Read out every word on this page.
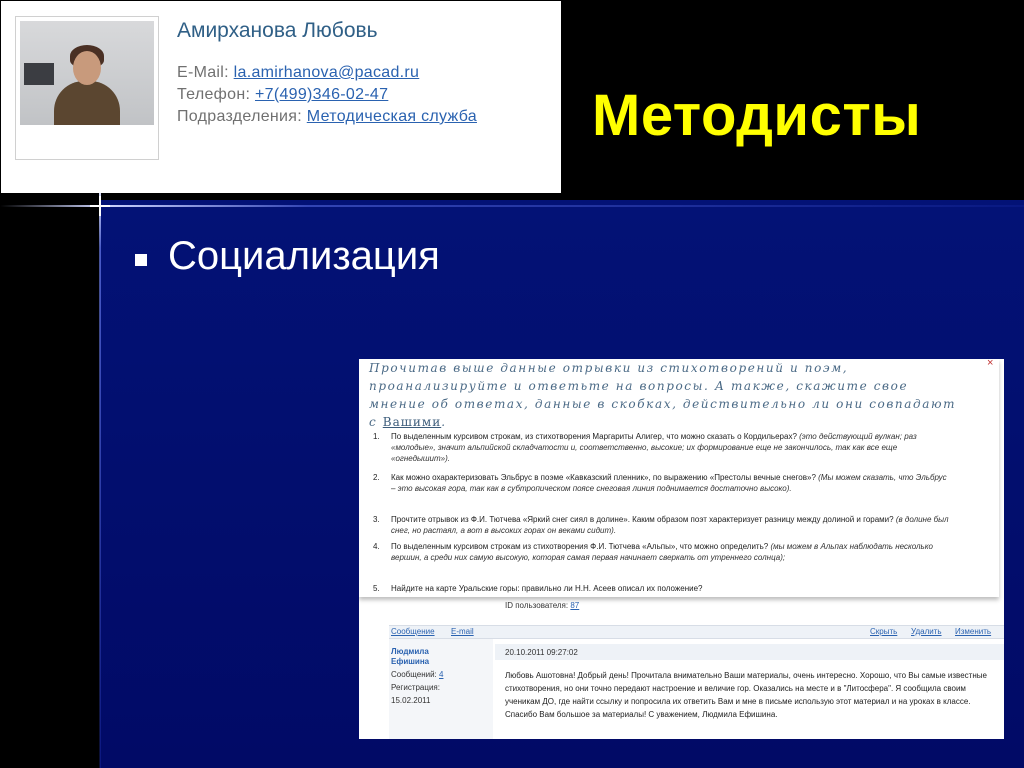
Амирханова Любовь
E-Mail: la.amirhanova@pacad.ru
Телефон: +7(499)346-02-47
Подразделения: Методическая служба Методисты
Социализация
×
Прочитав выше данные отрывки из стихотворений и поэм, проанализируйте и ответьте на вопросы. А также, скажите свое мнение об ответах, данные в скобках, действительно ли они совпадают с Вашими.
1. По выделенным курсивом строкам, из стихотворения Маргариты Алигер, что можно сказать о Кордильерах? (это действующий вулкан; раз «молодые», значит альпийской складчатости и, соответственно, высокие; их формирование еще не закончилось, так как все еще «огнедышит»).
2. Как можно охарактеризовать Эльбрус в поэме «Кавказский пленник», по выражению «Престолы вечные снегов»? (Мы можем сказать, что Эльбрус – это высокая гора, так как в субтропическом поясе снеговая линия поднимается достаточно высоко).
3. Прочтите отрывок из Ф.И. Тютчева «Яркий снег сиял в долине». Каким образом поэт характеризует разницу между долиной и горами? (в долине был снег, но растаял, а вот в высоких горах он веками сидит).
4. По выделенным курсивом строкам из стихотворения Ф.И. Тютчева «Альпы», что можно определить? (мы можем в Альпах наблюдать несколько вершин, а среди них самую высокую, которая самая первая начинает сверкать от утреннего солнца);
5. Найдите на карте Уральские горы: правильно ли Н.Н. Асеев описал их положение?
ID пользователя: 87
Сообщение E-mail	Скрыть Удалить Изменить
Людмила Ефишина
Сообщений: 4
Регистрация:
15.02.2011
20.10.2011 09:27:02
Любовь Ашотовна! Добрый день! Прочитала внимательно Ваши материалы, очень интересно. Хорошо, что Вы самые известные стихотворения, но они точно передают настроение и величие гор. Оказались на месте и в "Литосфера". Я сообщила своим ученикам ДО, где найти ссылку и попросила их ответить Вам и мне в письме использую этот материал и на уроках в классе. Спасибо Вам большое за материалы! С уважением, Людмила Ефишина.
